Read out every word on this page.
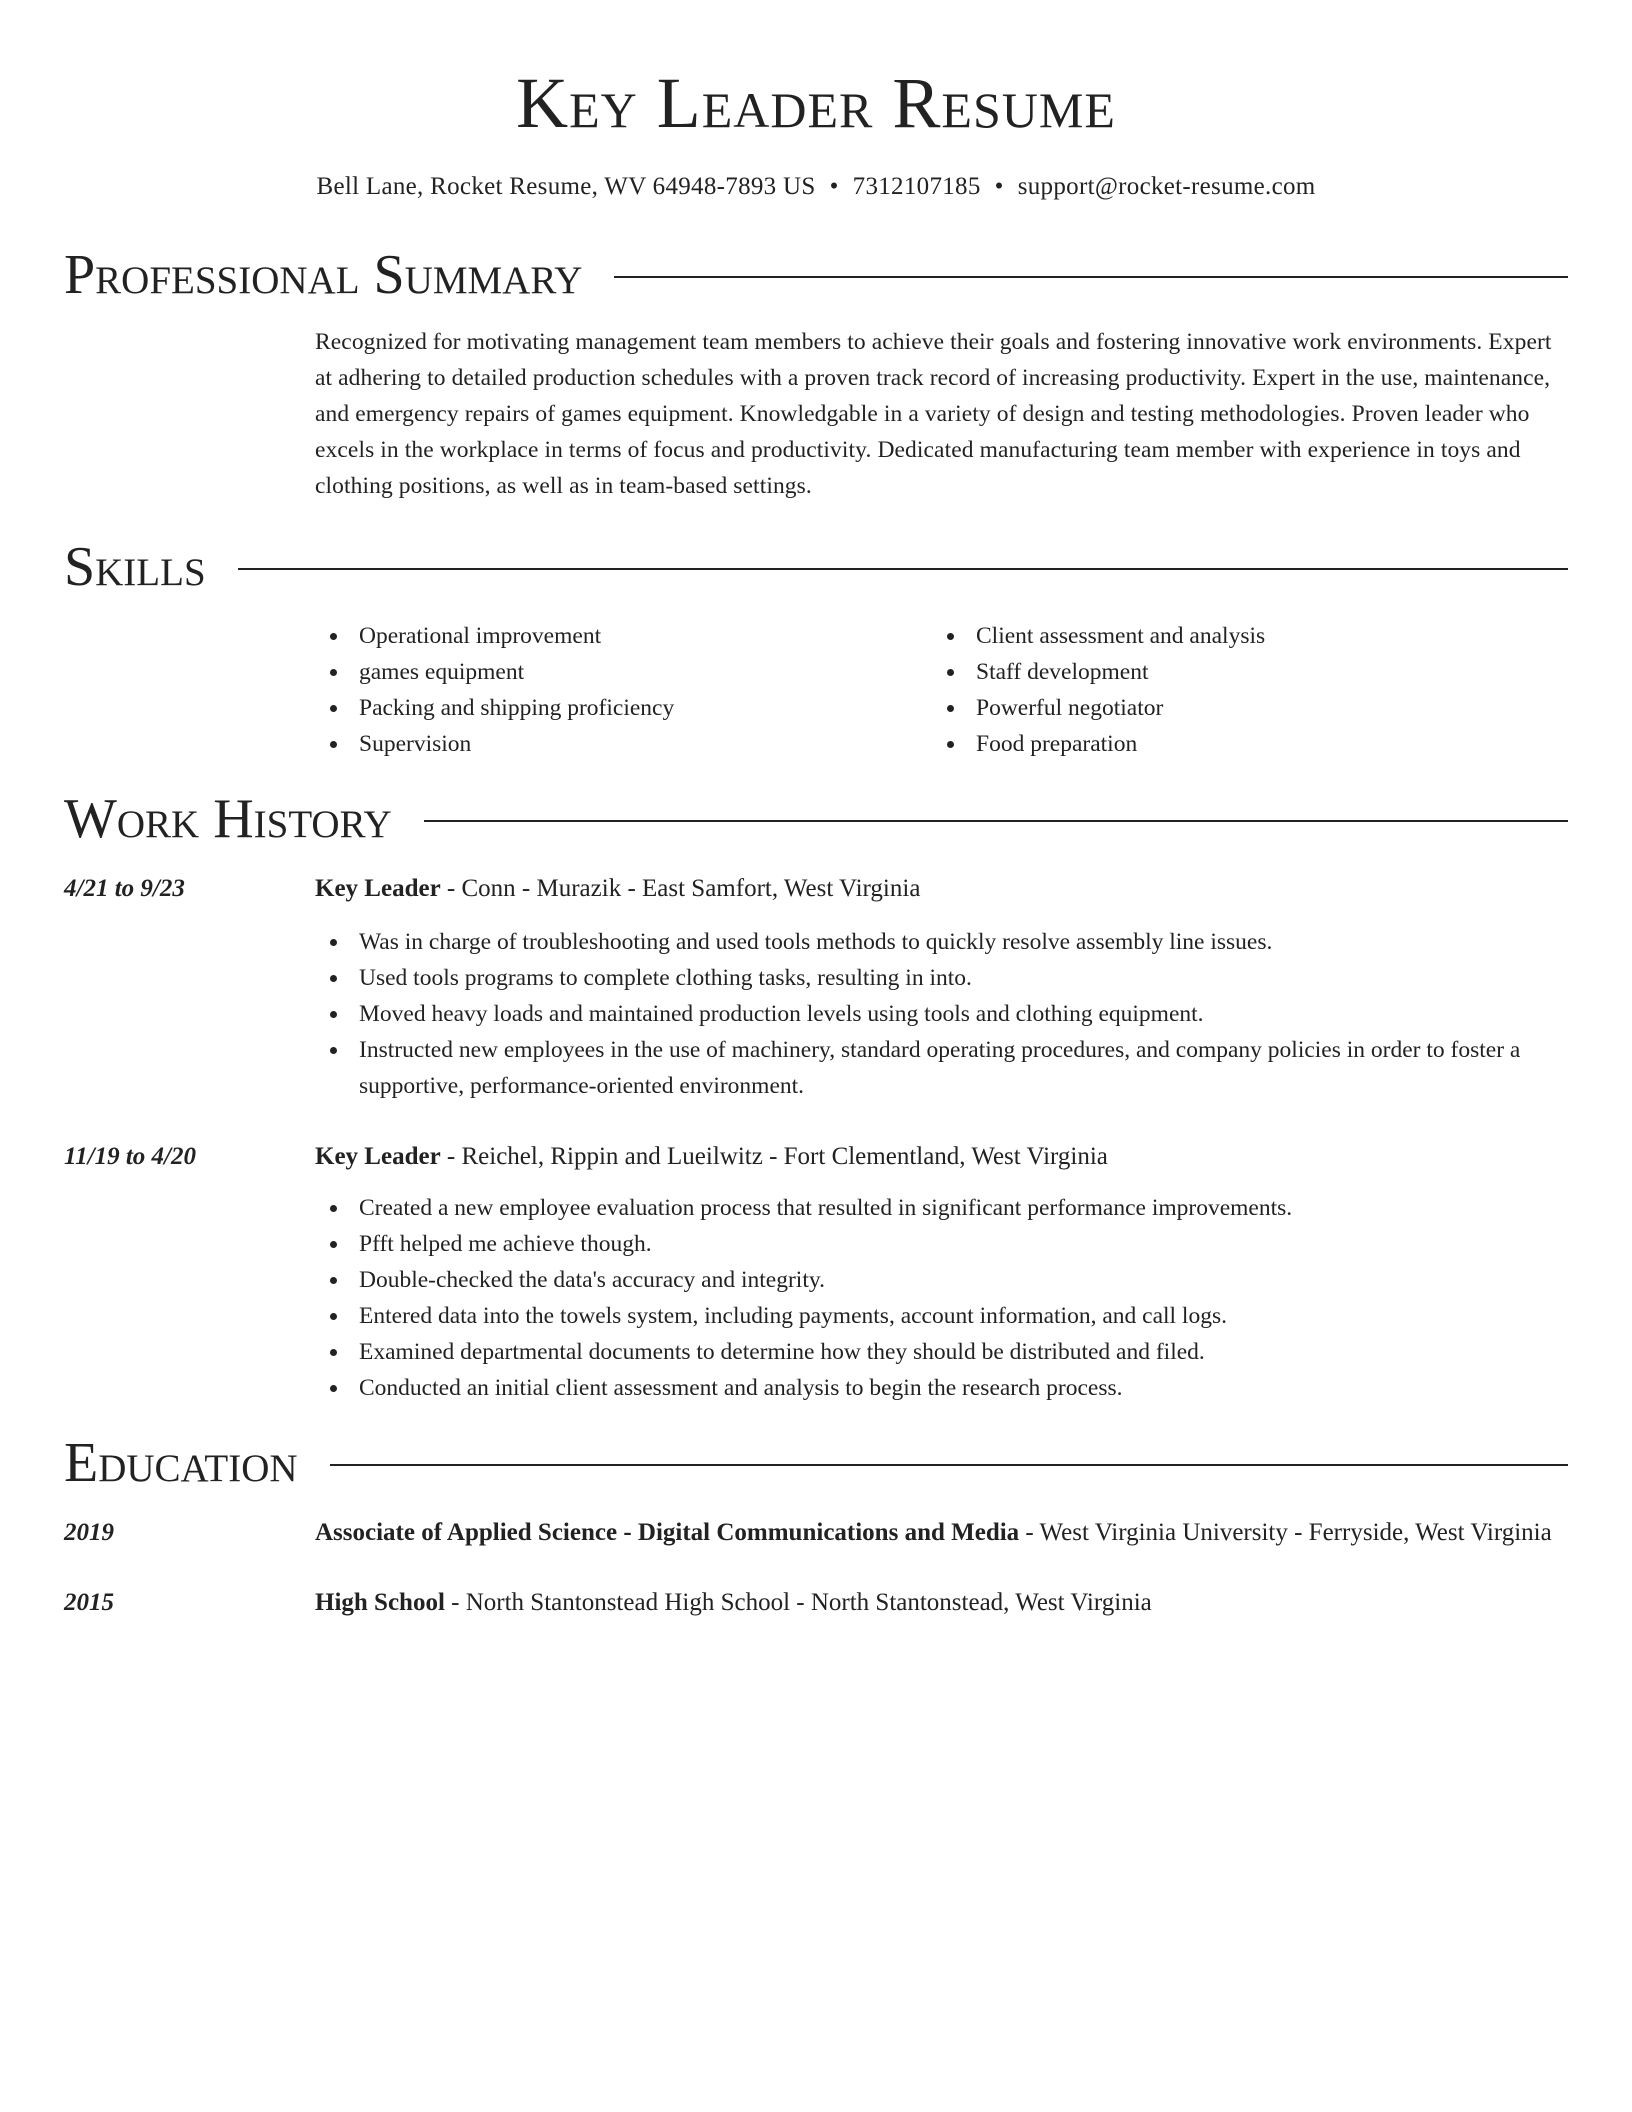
Key Leader Resume
Bell Lane, Rocket Resume, WV 64948-7893 US • 7312107185 • support@rocket-resume.com
Professional Summary

Recognized for motivating management team members to achieve their goals and fostering innovative work environments. Expert at adhering to detailed production schedules with a proven track record of increasing productivity. Expert in the use, maintenance, and emergency repairs of games equipment. Knowledgable in a variety of design and testing methodologies. Proven leader who excels in the workplace in terms of focus and productivity. Dedicated manufacturing team member with experience in toys and clothing positions, as well as in team-based settings.

Skills
Operational improvement
games equipment
Packing and shipping proficiency
Supervision
Client assessment and analysis
Staff development
Powerful negotiator
Food preparation
Work History
4/21 to 9/23	Key Leader - Conn - Murazik - East Samfort, West Virginia
Was in charge of troubleshooting and used tools methods to quickly resolve assembly line issues.
Used tools programs to complete clothing tasks, resulting in into.
Moved heavy loads and maintained production levels using tools and clothing equipment.
Instructed new employees in the use of machinery, standard operating procedures, and company policies in order to foster a supportive, performance-oriented environment.
11/19 to 4/20	Key Leader - Reichel, Rippin and Lueilwitz - Fort Clementland, West Virginia
Created a new employee evaluation process that resulted in significant performance improvements.
Pfft helped me achieve though.
Double-checked the data's accuracy and integrity.
Entered data into the towels system, including payments, account information, and call logs.
Examined departmental documents to determine how they should be distributed and filed.
Conducted an initial client assessment and analysis to begin the research process.
Education
2019	Associate of Applied Science - Digital Communications and Media - West Virginia University - Ferryside, West Virginia
2015	High School - North Stantonstead High School - North Stantonstead, West Virginia
